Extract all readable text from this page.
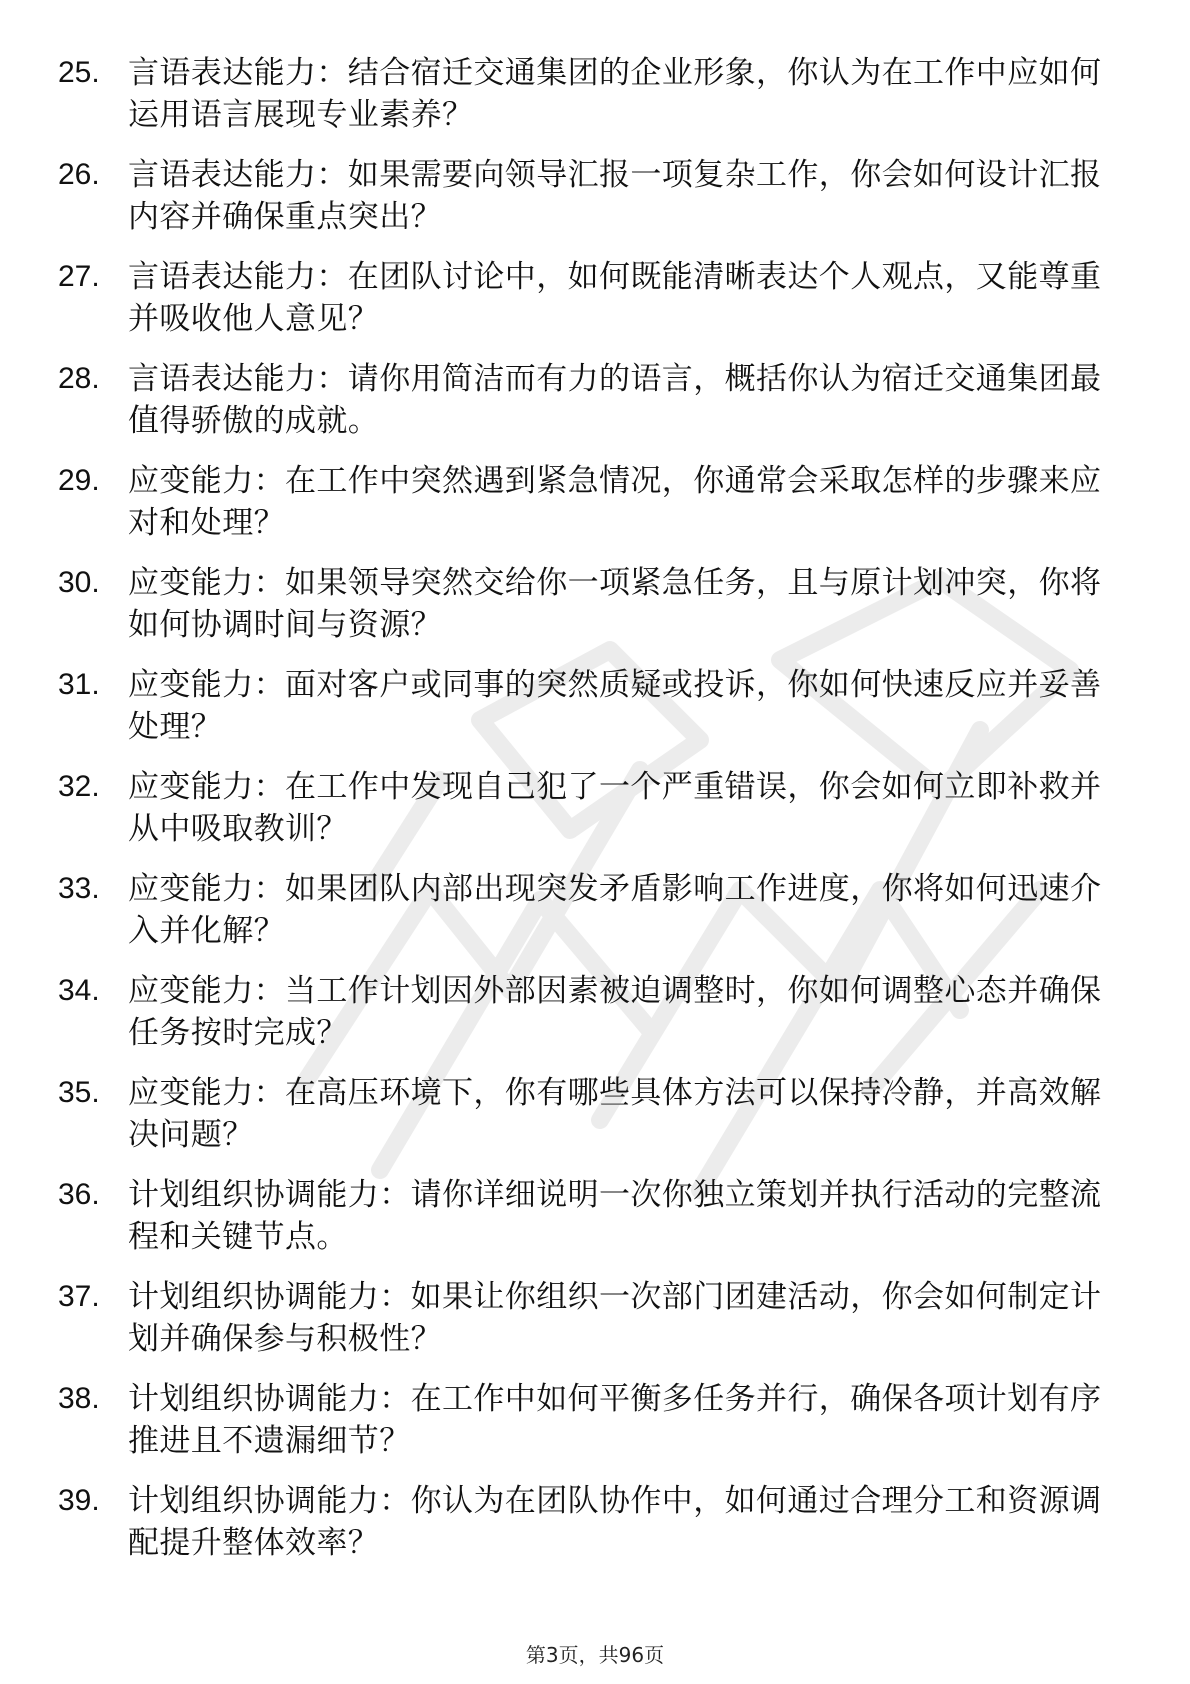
25. 言语表达能力：结合宿迁交通集团的企业形象，你认为在工作中应如何运用语言展现专业素养？
26. 言语表达能力：如果需要向领导汇报一项复杂工作，你会如何设计汇报内容并确保重点突出？
27. 言语表达能力：在团队讨论中，如何既能清晰表达个人观点，又能尊重并吸收他人意见？
28. 言语表达能力：请你用简洁而有力的语言，概括你认为宿迁交通集团最值得骄傲的成就。
29. 应变能力：在工作中突然遇到紧急情况，你通常会采取怎样的步骤来应对和处理？
30. 应变能力：如果领导突然交给你一项紧急任务，且与原计划冲突，你将如何协调时间与资源？
31. 应变能力：面对客户或同事的突然质疑或投诉，你如何快速反应并妥善处理？
32. 应变能力：在工作中发现自己犯了一个严重错误，你会如何立即补救并从中吸取教训？
33. 应变能力：如果团队内部出现突发矛盾影响工作进度，你将如何迅速介入并化解？
34. 应变能力：当工作计划因外部因素被迫调整时，你如何调整心态并确保任务按时完成？
35. 应变能力：在高压环境下，你有哪些具体方法可以保持冷静，并高效解决问题？
36. 计划组织协调能力：请你详细说明一次你独立策划并执行活动的完整流程和关键节点。
37. 计划组织协调能力：如果让你组织一次部门团建活动，你会如何制定计划并确保参与积极性？
38. 计划组织协调能力：在工作中如何平衡多任务并行，确保各项计划有序推进且不遗漏细节？
39. 计划组织协调能力：你认为在团队协作中，如何通过合理分工和资源调配提升整体效率？
第3页，共96页
